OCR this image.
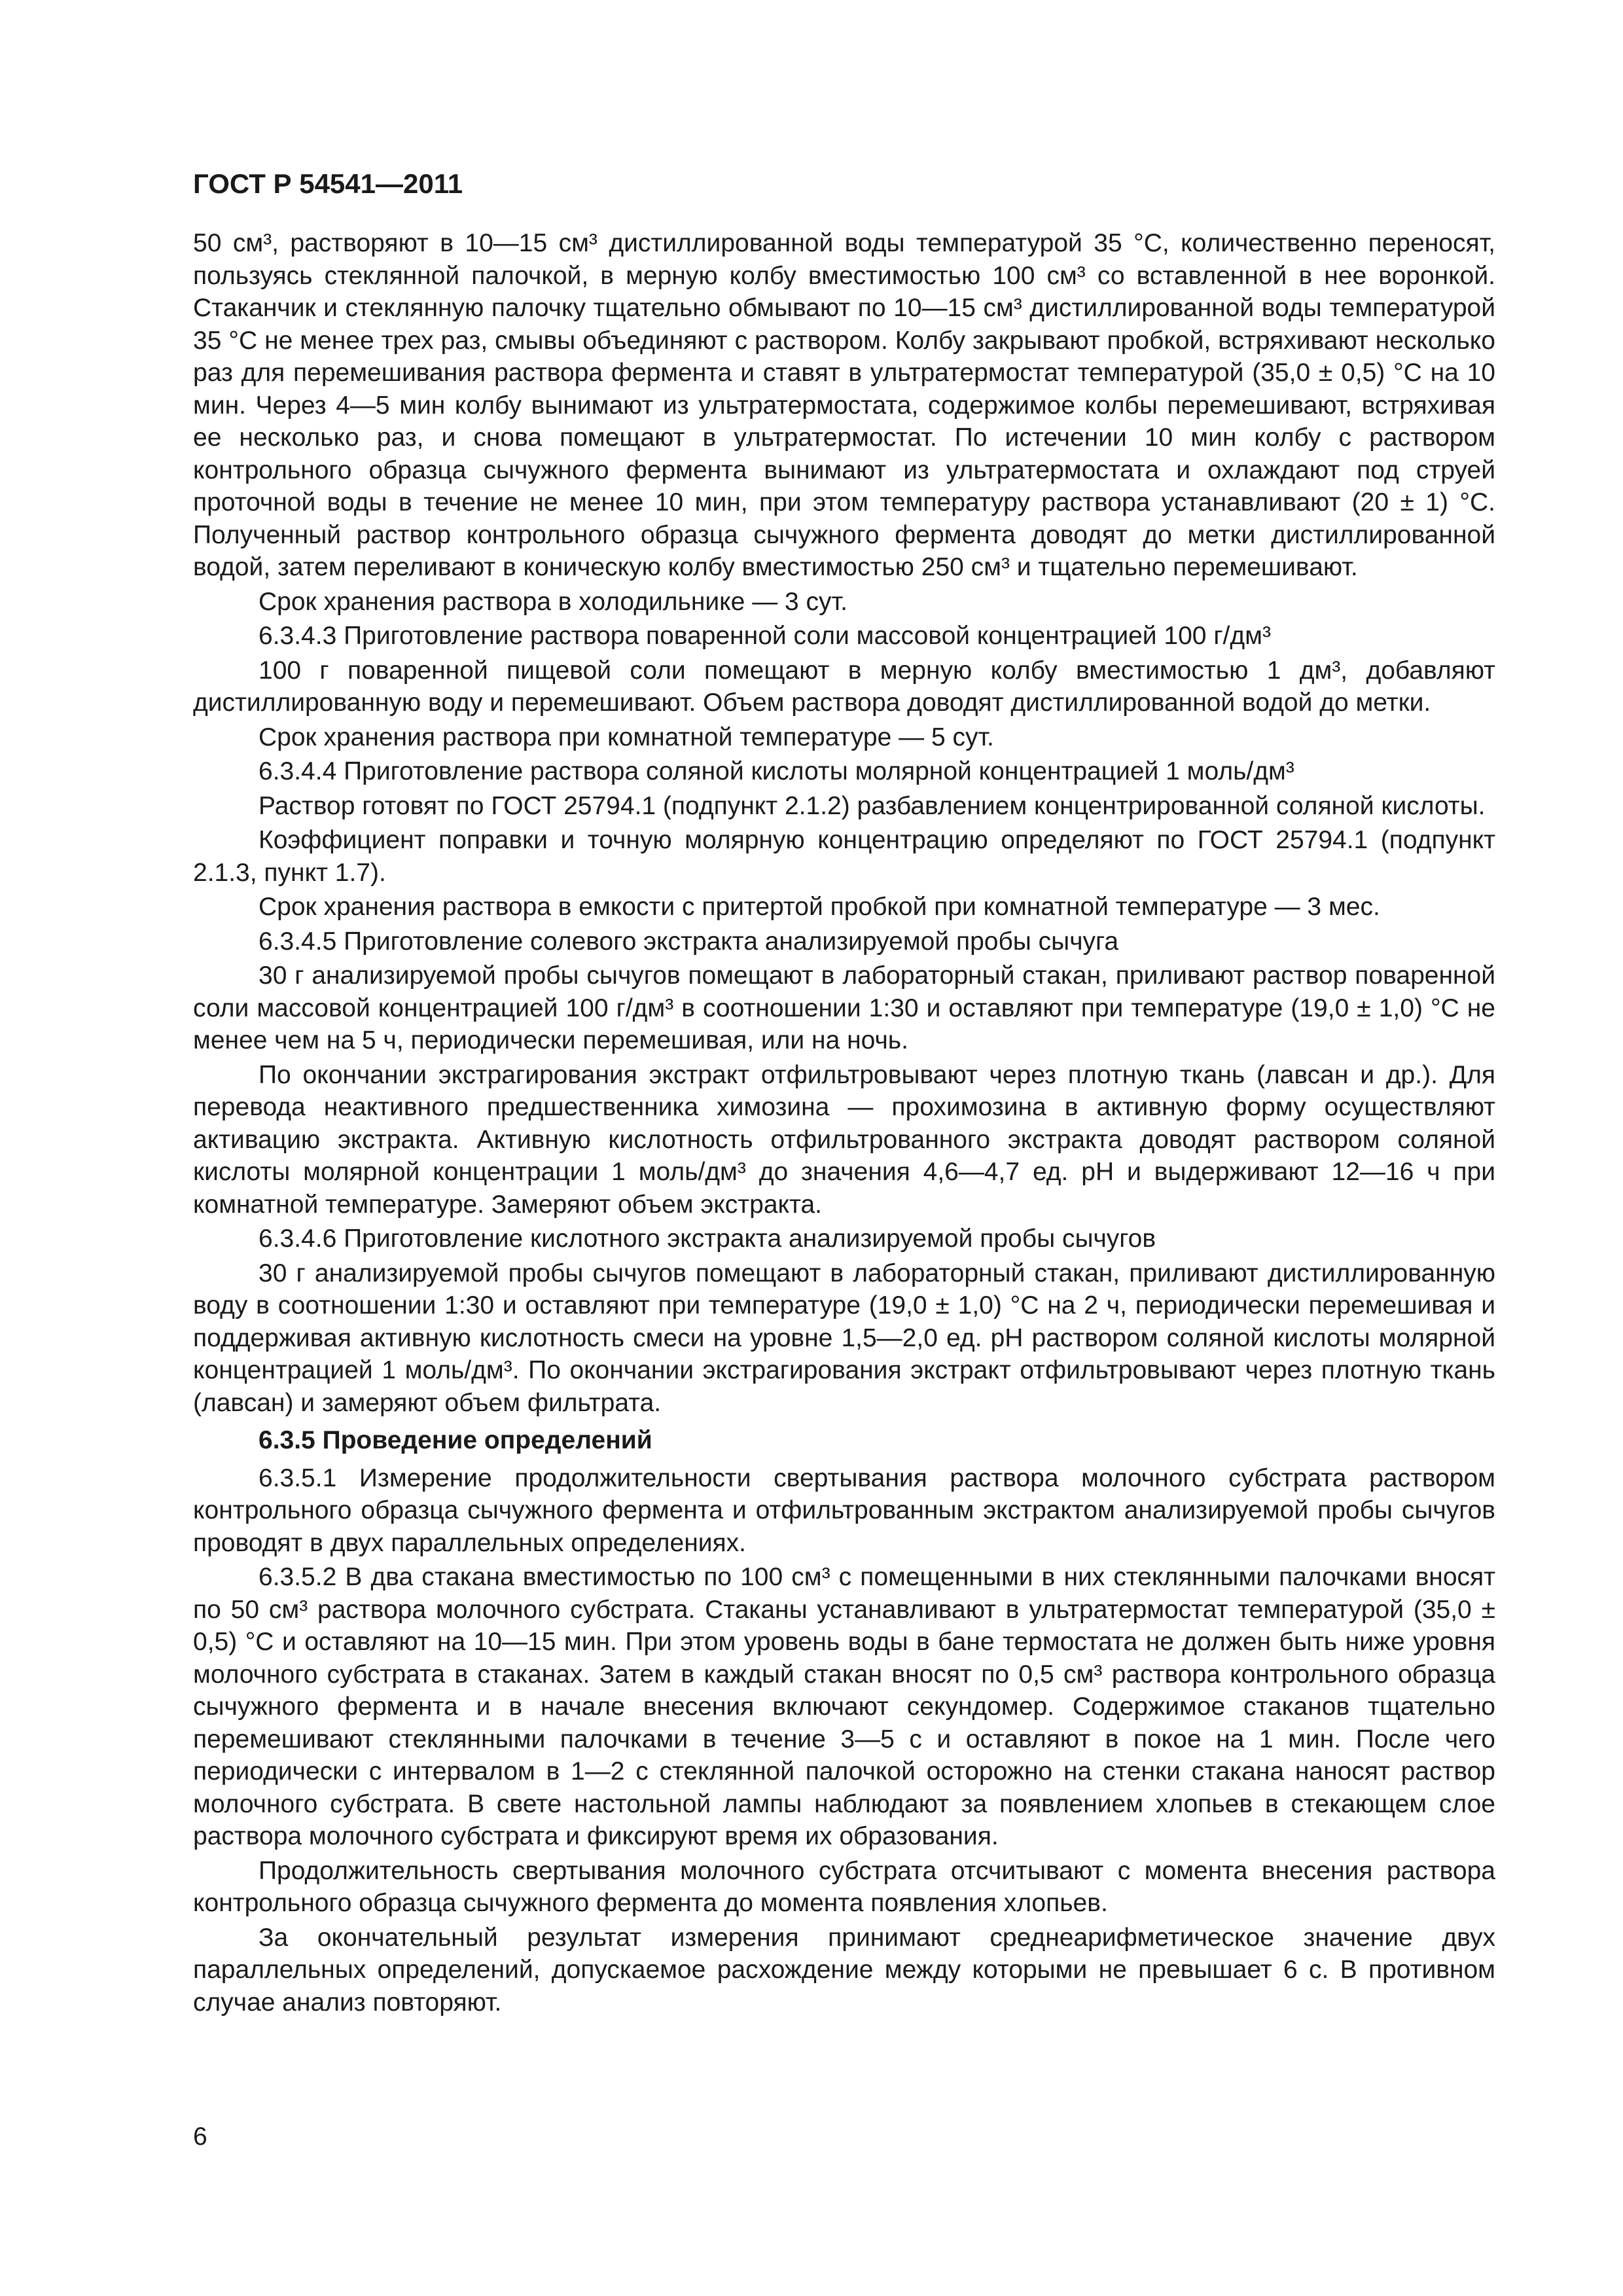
ГОСТ Р 54541—2011

50 см³, растворяют в 10—15 см³ дистиллированной воды температурой 35 °С, количественно переносят, пользуясь стеклянной палочкой, в мерную колбу вместимостью 100 см³ со вставленной в нее воронкой. Стаканчик и стеклянную палочку тщательно обмывают по 10—15 см³ дистиллированной воды температурой 35 °С не менее трех раз, смывы объединяют с раствором. Колбу закрывают пробкой, встряхивают несколько раз для перемешивания раствора фермента и ставят в ультратермостат температурой (35,0 ± 0,5) °С на 10 мин. Через 4—5 мин колбу вынимают из ультратермостата, содержимое колбы перемешивают, встряхивая ее несколько раз, и снова помещают в ультратермостат. По истечении 10 мин колбу с раствором контрольного образца сычужного фермента вынимают из ультратермостата и охлаждают под струей проточной воды в течение не менее 10 мин, при этом температуру раствора устанавливают (20 ± 1) °С. Полученный раствор контрольного образца сычужного фермента доводят до метки дистиллированной водой, затем переливают в коническую колбу вместимостью 250 см³ и тщательно перемешивают.

Срок хранения раствора в холодильнике — 3 сут.

6.3.4.3 Приготовление раствора поваренной соли массовой концентрацией 100 г/дм³

100 г поваренной пищевой соли помещают в мерную колбу вместимостью 1 дм³, добавляют дистиллированную воду и перемешивают. Объем раствора доводят дистиллированной водой до метки.

Срок хранения раствора при комнатной температуре — 5 сут.

6.3.4.4 Приготовление раствора соляной кислоты молярной концентрацией 1 моль/дм³

Раствор готовят по ГОСТ 25794.1 (подпункт 2.1.2) разбавлением концентрированной соляной кислоты.

Коэффициент поправки и точную молярную концентрацию определяют по ГОСТ 25794.1 (подпункт 2.1.3, пункт 1.7).

Срок хранения раствора в емкости с притертой пробкой при комнатной температуре — 3 мес.

6.3.4.5 Приготовление солевого экстракта анализируемой пробы сычуга

30 г анализируемой пробы сычугов помещают в лабораторный стакан, приливают раствор поваренной соли массовой концентрацией 100 г/дм³ в соотношении 1:30 и оставляют при температуре (19,0 ± 1,0) °С не менее чем на 5 ч, периодически перемешивая, или на ночь.

По окончании экстрагирования экстракт отфильтровывают через плотную ткань (лавсан и др.). Для перевода неактивного предшественника химозина — прохимозина в активную форму осуществляют активацию экстракта. Активную кислотность отфильтрованного экстракта доводят раствором соляной кислоты молярной концентрации 1 моль/дм³ до значения 4,6—4,7 ед. рН и выдерживают 12—16 ч при комнатной температуре. Замеряют объем экстракта.

6.3.4.6 Приготовление кислотного экстракта анализируемой пробы сычугов

30 г анализируемой пробы сычугов помещают в лабораторный стакан, приливают дистиллированную воду в соотношении 1:30 и оставляют при температуре (19,0 ± 1,0) °С на 2 ч, периодически перемешивая и поддерживая активную кислотность смеси на уровне 1,5—2,0 ед. рН раствором соляной кислоты молярной концентрацией 1 моль/дм³. По окончании экстрагирования экстракт отфильтровывают через плотную ткань (лавсан) и замеряют объем фильтрата.

6.3.5 Проведение определений

6.3.5.1 Измерение продолжительности свертывания раствора молочного субстрата раствором контрольного образца сычужного фермента и отфильтрованным экстрактом анализируемой пробы сычугов проводят в двух параллельных определениях.

6.3.5.2 В два стакана вместимостью по 100 см³ с помещенными в них стеклянными палочками вносят по 50 см³ раствора молочного субстрата. Стаканы устанавливают в ультратермостат температурой (35,0 ± 0,5) °С и оставляют на 10—15 мин. При этом уровень воды в бане термостата не должен быть ниже уровня молочного субстрата в стаканах. Затем в каждый стакан вносят по 0,5 см³ раствора контрольного образца сычужного фермента и в начале внесения включают секундомер. Содержимое стаканов тщательно перемешивают стеклянными палочками в течение 3—5 с и оставляют в покое на 1 мин. После чего периодически с интервалом в 1—2 с стеклянной палочкой осторожно на стенки стакана наносят раствор молочного субстрата. В свете настольной лампы наблюдают за появлением хлопьев в стекающем слое раствора молочного субстрата и фиксируют время их образования.

Продолжительность свертывания молочного субстрата отсчитывают с момента внесения раствора контрольного образца сычужного фермента до момента появления хлопьев.

За окончательный результат измерения принимают среднеарифметическое значение двух параллельных определений, допускаемое расхождение между которыми не превышает 6 с. В противном случае анализ повторяют.

6
